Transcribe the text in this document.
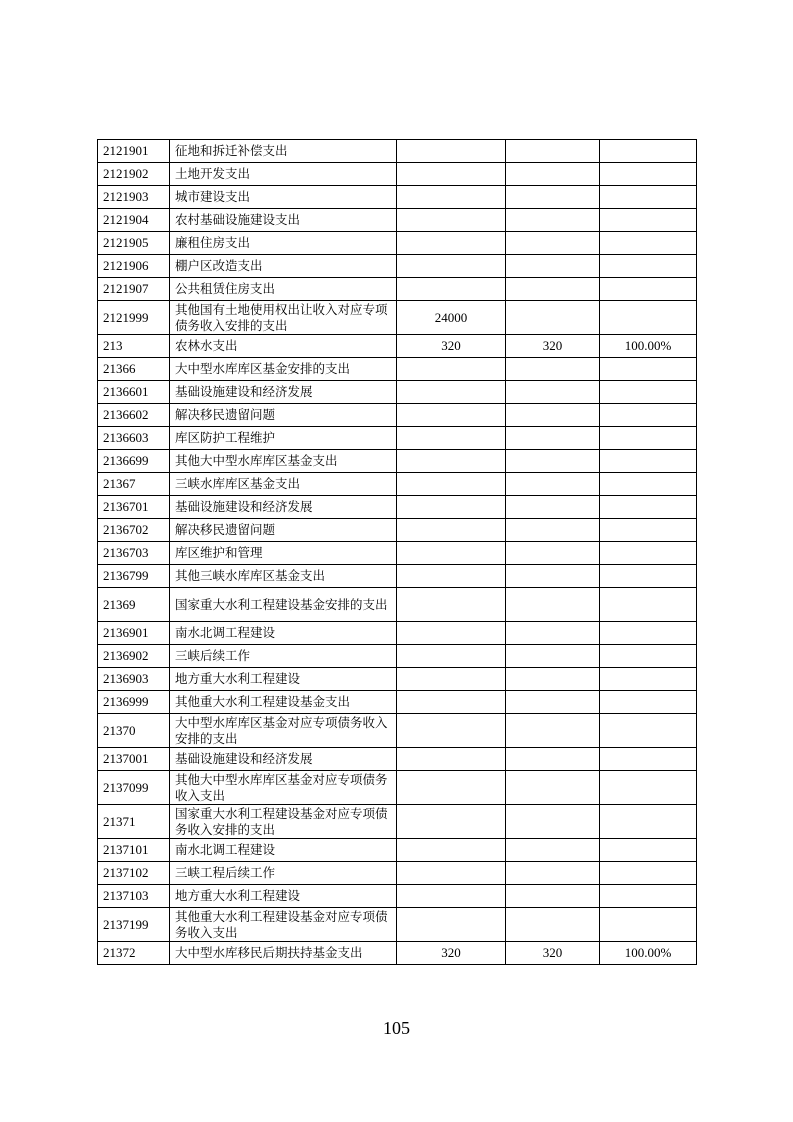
2121901	征地和拆迁补偿支出			
2121902	土地开发支出			
2121903	城市建设支出			
2121904	农村基础设施建设支出			
2121905	廉租住房支出			
2121906	棚户区改造支出			
2121907	公共租赁住房支出			
2121999	其他国有土地使用权出让收入对应专项债务收入安排的支出	24000		
213	农林水支出	320	320	100.00%
21366	大中型水库库区基金安排的支出			
2136601	基础设施建设和经济发展			
2136602	解决移民遗留问题			
2136603	库区防护工程维护			
2136699	其他大中型水库库区基金支出			
21367	三峡水库库区基金支出			
2136701	基础设施建设和经济发展			
2136702	解决移民遗留问题			
2136703	库区维护和管理			
2136799	其他三峡水库库区基金支出			
21369	国家重大水利工程建设基金安排的支出			
2136901	南水北调工程建设			
2136902	三峡后续工作			
2136903	地方重大水利工程建设			
2136999	其他重大水利工程建设基金支出			
21370	大中型水库库区基金对应专项债务收入安排的支出			
2137001	基础设施建设和经济发展			
2137099	其他大中型水库库区基金对应专项债务收入支出			
21371	国家重大水利工程建设基金对应专项债务收入安排的支出			
2137101	南水北调工程建设			
2137102	三峡工程后续工作			
2137103	地方重大水利工程建设			
2137199	其他重大水利工程建设基金对应专项债务收入支出			
21372	大中型水库移民后期扶持基金支出	320	320	100.00%
105
